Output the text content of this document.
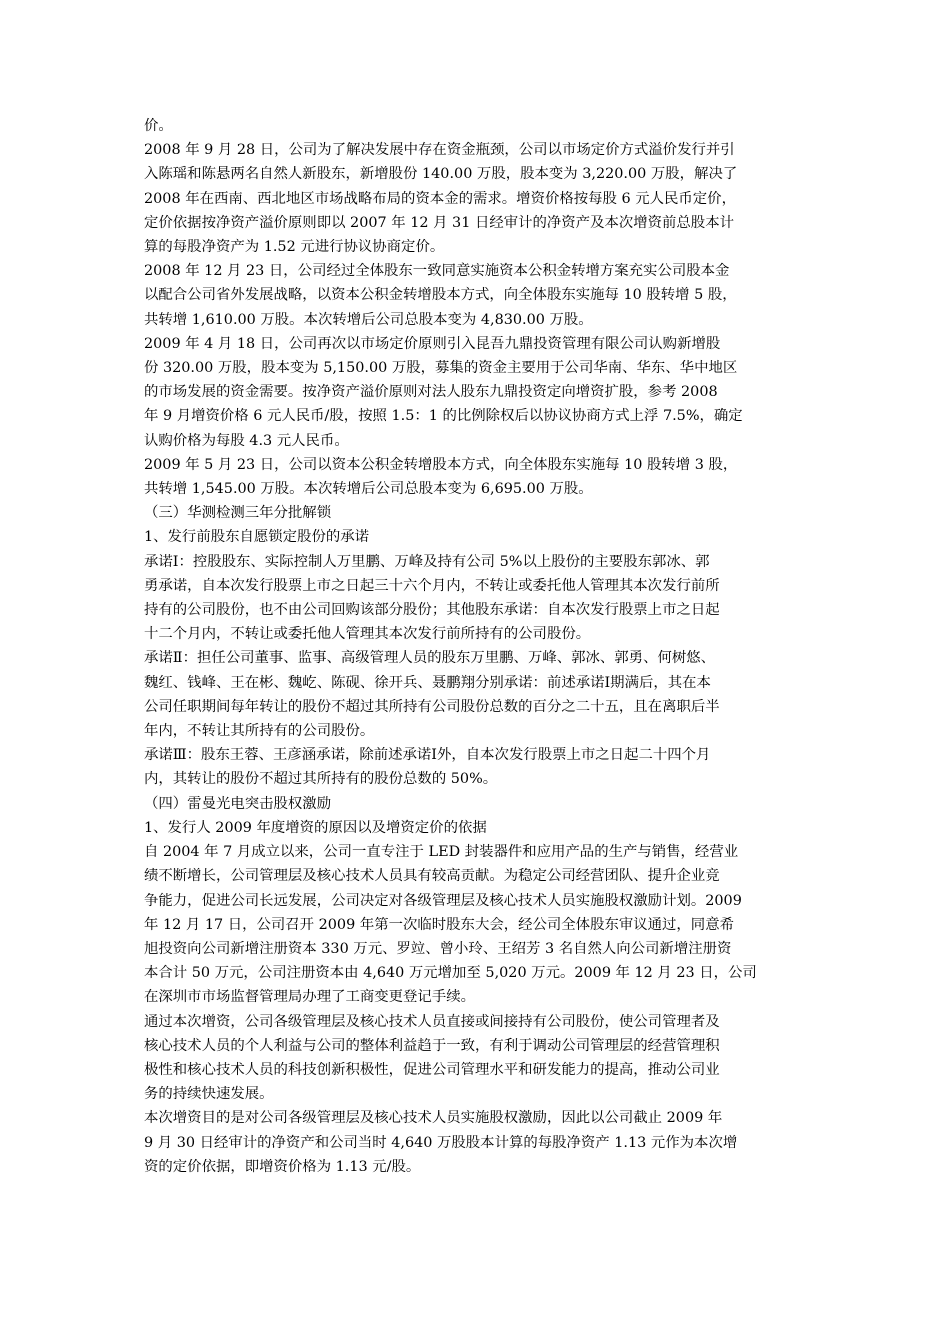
价。

2008 年 9 月 28 日，公司为了解决发展中存在资金瓶颈，公司以市场定价方式溢价发行并引
入陈瑶和陈悬两名自然人新股东，新增股份 140.00 万股，股本变为 3,220.00 万股，解决了
2008 年在西南、西北地区市场战略布局的资本金的需求。增资价格按每股 6 元人民币定价，
定价依据按净资产溢价原则即以 2007 年 12 月 31 日经审计的净资产及本次增资前总股本计
算的每股净资产为 1.52 元进行协议协商定价。

2008 年 12 月 23 日，公司经过全体股东一致同意实施资本公积金转增方案充实公司股本金
以配合公司省外发展战略，以资本公积金转增股本方式，向全体股东实施每 10 股转增 5 股，
共转增 1,610.00 万股。本次转增后公司总股本变为 4,830.00 万股。

2009 年 4 月 18 日，公司再次以市场定价原则引入昆吾九鼎投资管理有限公司认购新增股
份 320.00 万股，股本变为 5,150.00 万股，募集的资金主要用于公司华南、华东、华中地区
的市场发展的资金需要。按净资产溢价原则对法人股东九鼎投资定向增资扩股，参考 2008
年 9 月增资价格 6 元人民币/股，按照 1.5：1 的比例除权后以协议协商方式上浮 7.5%，确定
认购价格为每股 4.3 元人民币。

2009 年 5 月 23 日，公司以资本公积金转增股本方式，向全体股东实施每 10 股转增 3 股，
共转增 1,545.00 万股。本次转增后公司总股本变为 6,695.00 万股。

（三）华测检测三年分批解锁

1、发行前股东自愿锁定股份的承诺

承诺Ⅰ：控股股东、实际控制人万里鹏、万峰及持有公司 5%以上股份的主要股东郭冰、郭
勇承诺，自本次发行股票上市之日起三十六个月内，不转让或委托他人管理其本次发行前所
持有的公司股份，也不由公司回购该部分股份；其他股东承诺：自本次发行股票上市之日起
十二个月内，不转让或委托他人管理其本次发行前所持有的公司股份。

承诺Ⅱ：担任公司董事、监事、高级管理人员的股东万里鹏、万峰、郭冰、郭勇、何树悠、
魏红、钱峰、王在彬、魏屹、陈砚、徐开兵、聂鹏翔分别承诺：前述承诺Ⅰ期满后，其在本
公司任职期间每年转让的股份不超过其所持有公司股份总数的百分之二十五，且在离职后半
年内，不转让其所持有的公司股份。

承诺Ⅲ：股东王蓉、王彦涵承诺，除前述承诺Ⅰ外，自本次发行股票上市之日起二十四个月
内，其转让的股份不超过其所持有的股份总数的 50%。

（四）雷曼光电突击股权激励

1、发行人 2009 年度增资的原因以及增资定价的依据

自 2004 年 7 月成立以来，公司一直专注于 LED 封装器件和应用产品的生产与销售，经营业
绩不断增长，公司管理层及核心技术人员具有较高贡献。为稳定公司经营团队、提升企业竞
争能力，促进公司长远发展，公司决定对各级管理层及核心技术人员实施股权激励计划。2009
年 12 月 17 日，公司召开 2009 年第一次临时股东大会，经公司全体股东审议通过，同意希
旭投资向公司新增注册资本 330 万元、罗竝、曾小玲、王绍芳 3 名自然人向公司新增注册资
本合计 50 万元，公司注册资本由 4,640 万元增加至 5,020 万元。2009 年 12 月 23 日，公司
在深圳市市场监督管理局办理了工商变更登记手续。

通过本次增资，公司各级管理层及核心技术人员直接或间接持有公司股份，使公司管理者及
核心技术人员的个人利益与公司的整体利益趋于一致，有利于调动公司管理层的经营管理积
极性和核心技术人员的科技创新积极性，促进公司管理水平和研发能力的提高，推动公司业
务的持续快速发展。

本次增资目的是对公司各级管理层及核心技术人员实施股权激励，因此以公司截止 2009 年
9 月 30 日经审计的净资产和公司当时 4,640 万股股本计算的每股净资产 1.13 元作为本次增
资的定价依据，即增资价格为 1.13 元/股。
